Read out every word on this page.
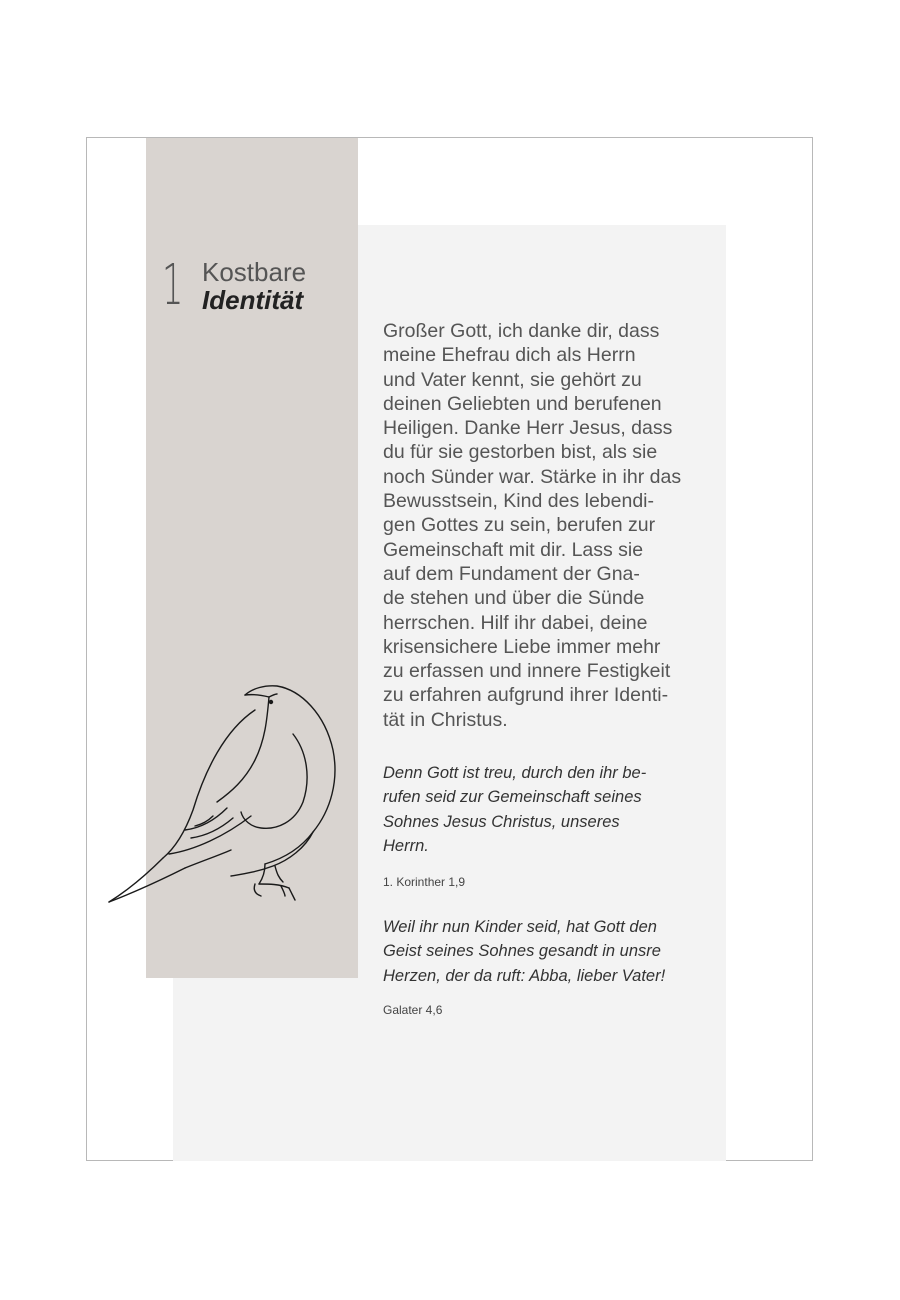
1 Kostbare
Identität
Großer Gott, ich danke dir, dass
meine Ehefrau dich als Herrn
und Vater kennt, sie gehört zu
deinen Geliebten und berufenen
Heiligen. Danke Herr Jesus, dass
du für sie gestorben bist, als sie
noch Sünder war. Stärke in ihr das
Bewusstsein, Kind des lebendi-
gen Gottes zu sein, berufen zur
Gemeinschaft mit dir. Lass sie
auf dem Fundament der Gna-
de stehen und über die Sünde
herrschen. Hilf ihr dabei, deine
krisensichere Liebe immer mehr
zu erfassen und innere Festigkeit
zu erfahren aufgrund ihrer Identi-
tät in Christus.
Denn Gott ist treu, durch den ihr be-
rufen seid zur Gemeinschaft seines
Sohnes Jesus Christus, unseres
Herrn.
1. Korinther 1,9
Weil ihr nun Kinder seid, hat Gott den
Geist seines Sohnes gesandt in unsre
Herzen, der da ruft: Abba, lieber Vater!
Galater 4,6
